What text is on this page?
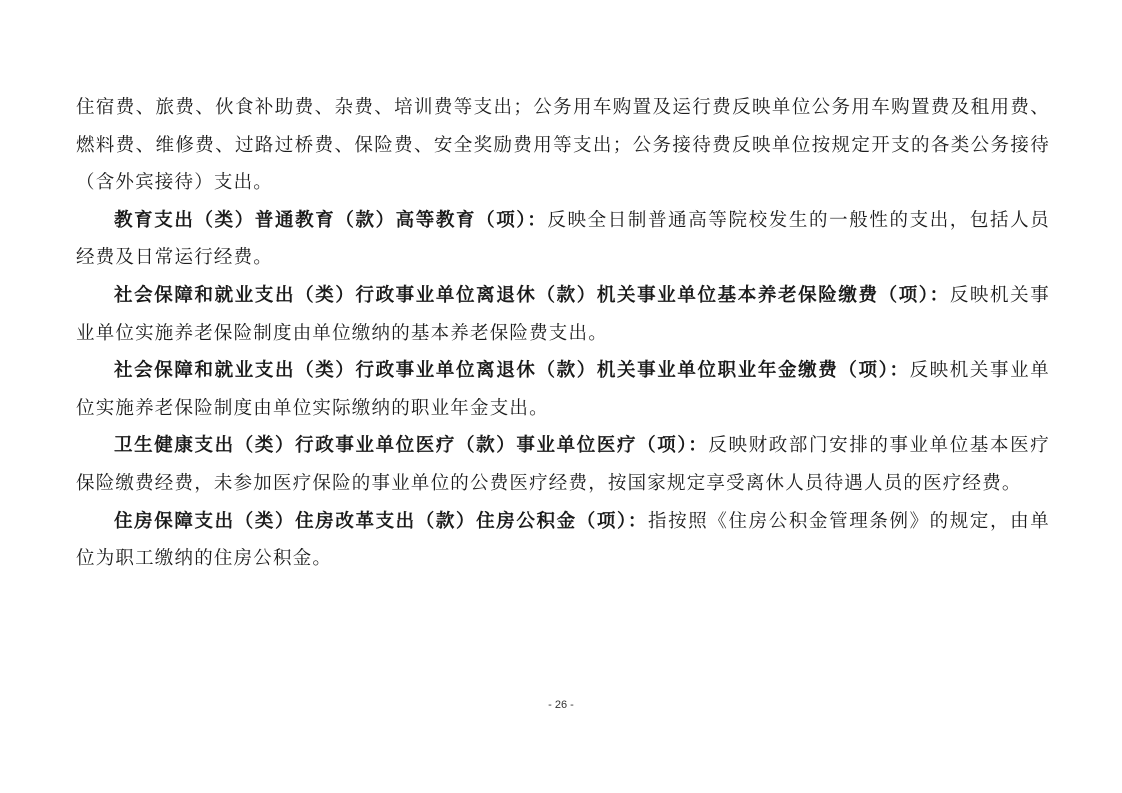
住宿费、旅费、伙食补助费、杂费、培训费等支出；公务用车购置及运行费反映单位公务用车购置费及租用费、燃料费、维修费、过路过桥费、保险费、安全奖励费用等支出；公务接待费反映单位按规定开支的各类公务接待（含外宾接待）支出。

教育支出（类）普通教育（款）高等教育（项）：反映全日制普通高等院校发生的一般性的支出，包括人员经费及日常运行经费。

社会保障和就业支出（类）行政事业单位离退休（款）机关事业单位基本养老保险缴费（项）：反映机关事业单位实施养老保险制度由单位缴纳的基本养老保险费支出。

社会保障和就业支出（类）行政事业单位离退休（款）机关事业单位职业年金缴费（项）：反映机关事业单位实施养老保险制度由单位实际缴纳的职业年金支出。

卫生健康支出（类）行政事业单位医疗（款）事业单位医疗（项）：反映财政部门安排的事业单位基本医疗保险缴费经费，未参加医疗保险的事业单位的公费医疗经费，按国家规定享受离休人员待遇人员的医疗经费。

住房保障支出（类）住房改革支出（款）住房公积金（项）：指按照《住房公积金管理条例》的规定，由单位为职工缴纳的住房公积金。

- 26 -
